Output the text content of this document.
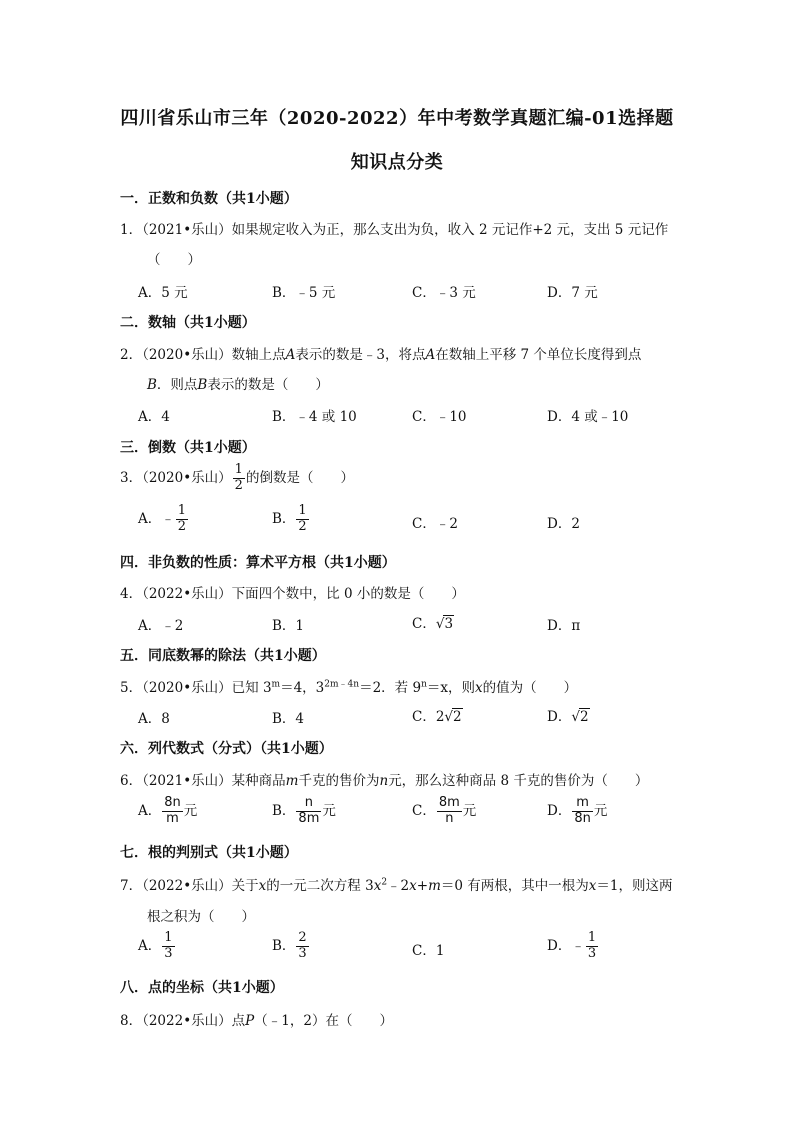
四川省乐山市三年（2020-2022）年中考数学真题汇编-01选择题
知识点分类
一．正数和负数（共1小题）
1．（2021•乐山）如果规定收入为正，那么支出为负，收入 2 元记作+2 元，支出 5 元记作
（　　）
A．5 元	B．﹣5 元	C．﹣3 元	D．7 元
二．数轴（共1小题）
2．（2020•乐山）数轴上点A表示的数是﹣3，将点A在数轴上平移 7 个单位长度得到点
B．则点B表示的数是（　　）
A．4	B．﹣4 或 10	C．﹣10	D．4 或﹣10
三．倒数（共1小题）
3．（2020•乐山） $\frac{1}{2}$ 的倒数是（　　）
A．﹣ $\frac{1}{2}$	B． $\frac{1}{2}$	C．﹣2	D．2
四．非负数的性质：算术平方根（共1小题）
4．（2022•乐山）下面四个数中，比 0 小的数是（　　）
A．﹣2	B．1	C．√3	D．π
五．同底数幂的除法（共1小题）
5．（2020•乐山）已知 $3^m=4$，$3^{2m﹣4n}=2$．若 $9^n=x$，则x的值为（　　）
A．8	B．4	C．2√2	D．√2
六．列代数式（分式）（共1小题）
6．（2021•乐山）某种商品m千克的售价为n元，那么这种商品 8 千克的售价为（　　）
A． $\frac{8n}{m}$ 元	B． $\frac{n}{8m}$ 元	C． $\frac{8m}{n}$ 元	D． $\frac{m}{8n}$ 元
七．根的判别式（共1小题）
7．（2022•乐山）关于x的一元二次方程 $3x^2﹣2x+m=0$ 有两根，其中一根为x＝1，则这两
根之积为（　　）
A． $\frac{1}{3}$	B． $\frac{2}{3}$	C．1	D．﹣ $\frac{1}{3}$
八．点的坐标（共1小题）
8．（2022•乐山）点P（﹣1，2）在（　　）
